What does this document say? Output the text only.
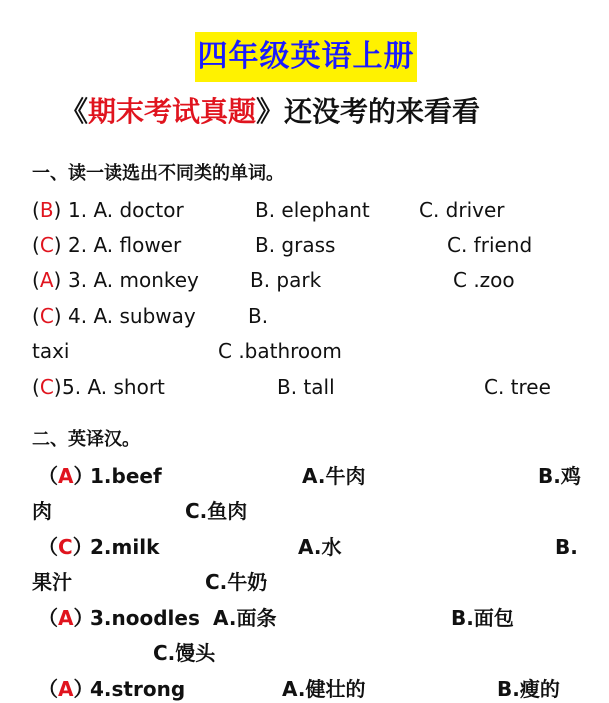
四年级英语上册
《期末考试真题》还没考的来看看
一、读一读选出不同类的单词。
(B) 1. A. doctor	B. elephant C. driver
(C) 2. A. flower	B. grass	C. friend
(A) 3. A. monkey	B. park	C .zoo
(C) 4. A. subway	B.
taxi	C .bathroom
(C) 5. A. short	B. tall	C. tree
二、英译汉。
（A）
1.beef	A.牛肉	B.鸡
肉	C.鱼肉
（C）
2.milk	A.水	B.
果汁	C.牛奶
（A）
3.noodles A.面条	B.面包
C.馒头
（A）
4.strong	A.健壮的	B.瘦的
